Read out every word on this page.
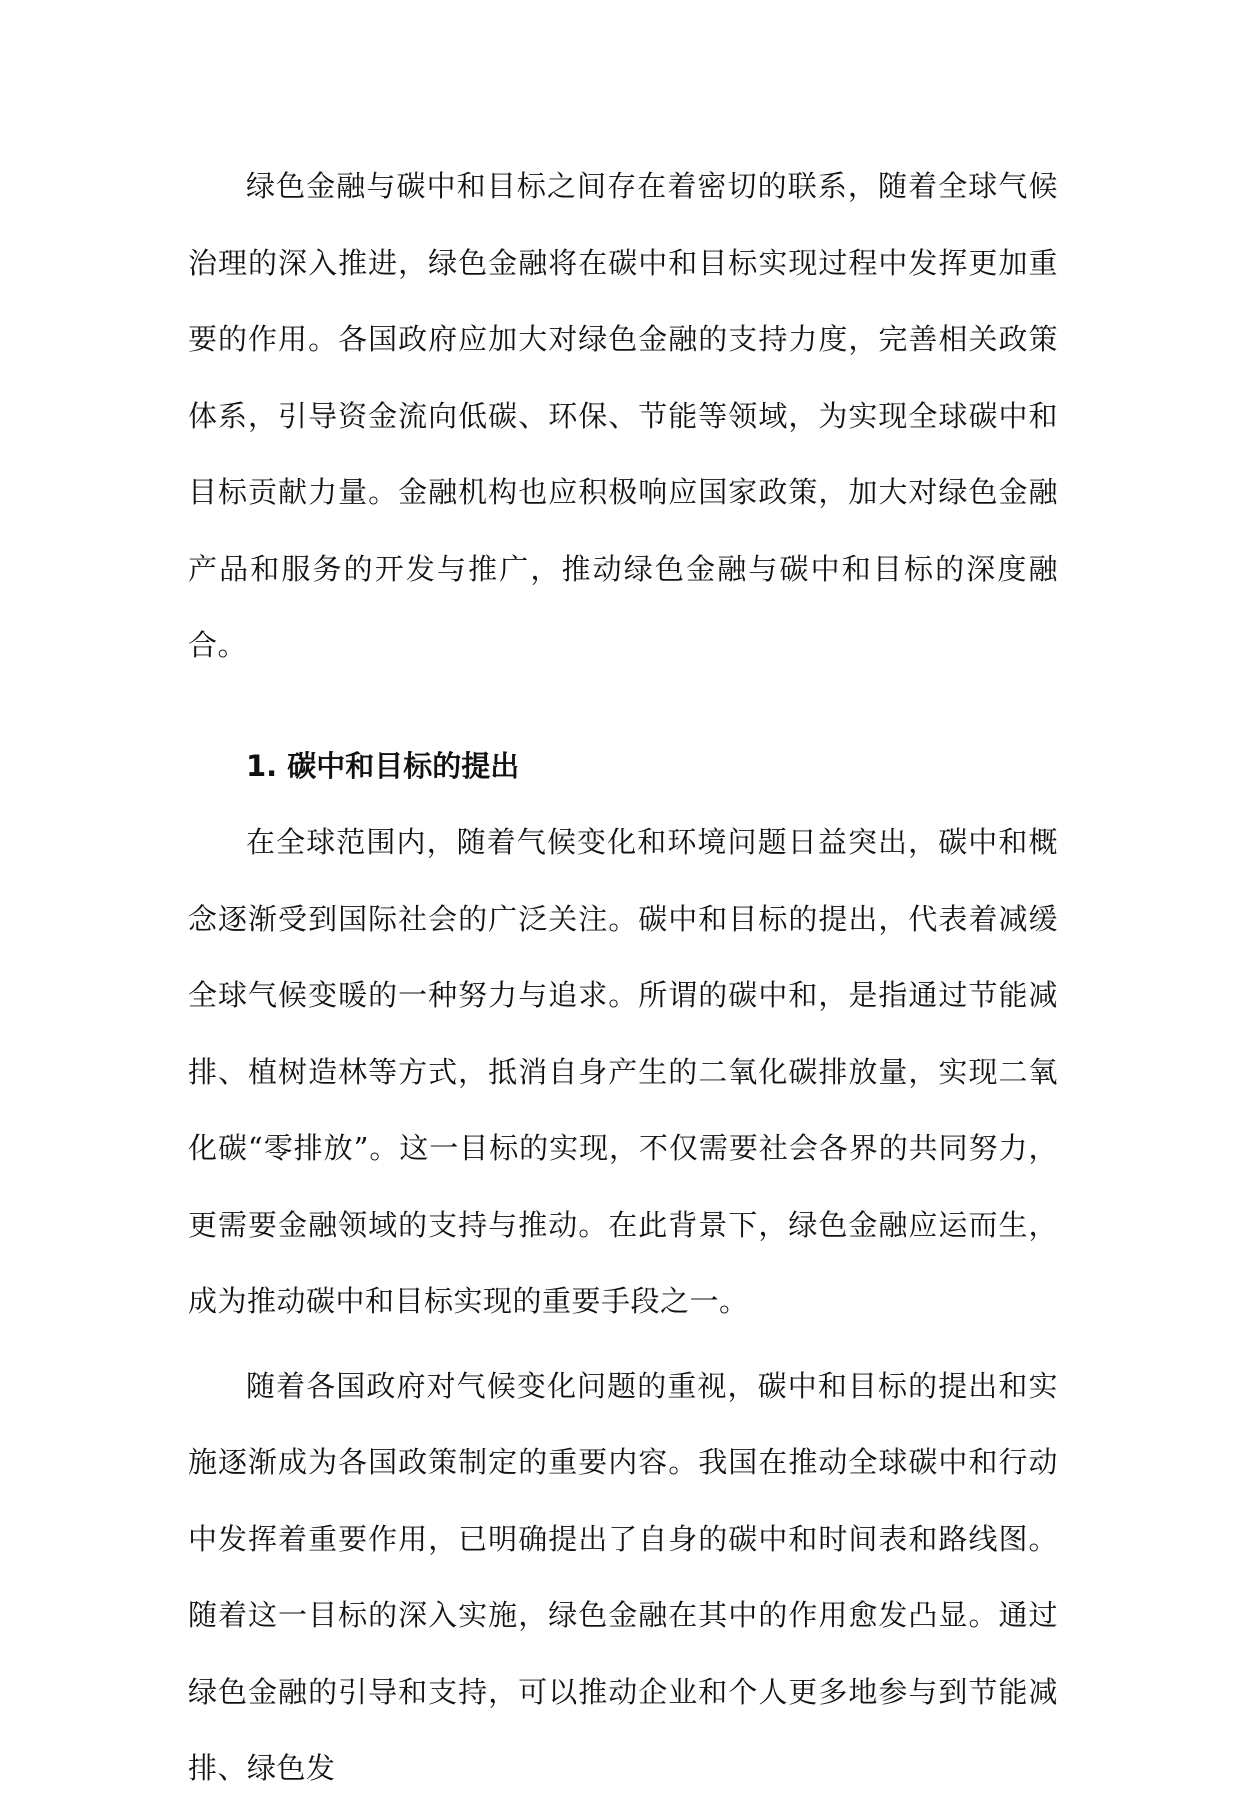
绿色金融与碳中和目标之间存在着密切的联系，随着全球气候治理的深入推进，绿色金融将在碳中和目标实现过程中发挥更加重要的作用。各国政府应加大对绿色金融的支持力度，完善相关政策体系，引导资金流向低碳、环保、节能等领域，为实现全球碳中和目标贡献力量。金融机构也应积极响应国家政策，加大对绿色金融产品和服务的开发与推广，推动绿色金融与碳中和目标的深度融合。

1. 碳中和目标的提出

在全球范围内，随着气候变化和环境问题日益突出，碳中和概念逐渐受到国际社会的广泛关注。碳中和目标的提出，代表着减缓全球气候变暖的一种努力与追求。所谓的碳中和，是指通过节能减排、植树造林等方式，抵消自身产生的二氧化碳排放量，实现二氧化碳“零排放”。这一目标的实现，不仅需要社会各界的共同努力，更需要金融领域的支持与推动。在此背景下，绿色金融应运而生，成为推动碳中和目标实现的重要手段之一。

随着各国政府对气候变化问题的重视，碳中和目标的提出和实施逐渐成为各国政策制定的重要内容。我国在推动全球碳中和行动中发挥着重要作用，已明确提出了自身的碳中和时间表和路线图。随着这一目标的深入实施，绿色金融在其中的作用愈发凸显。通过绿色金融的引导和支持，可以推动企业和个人更多地参与到节能减排、绿色发
